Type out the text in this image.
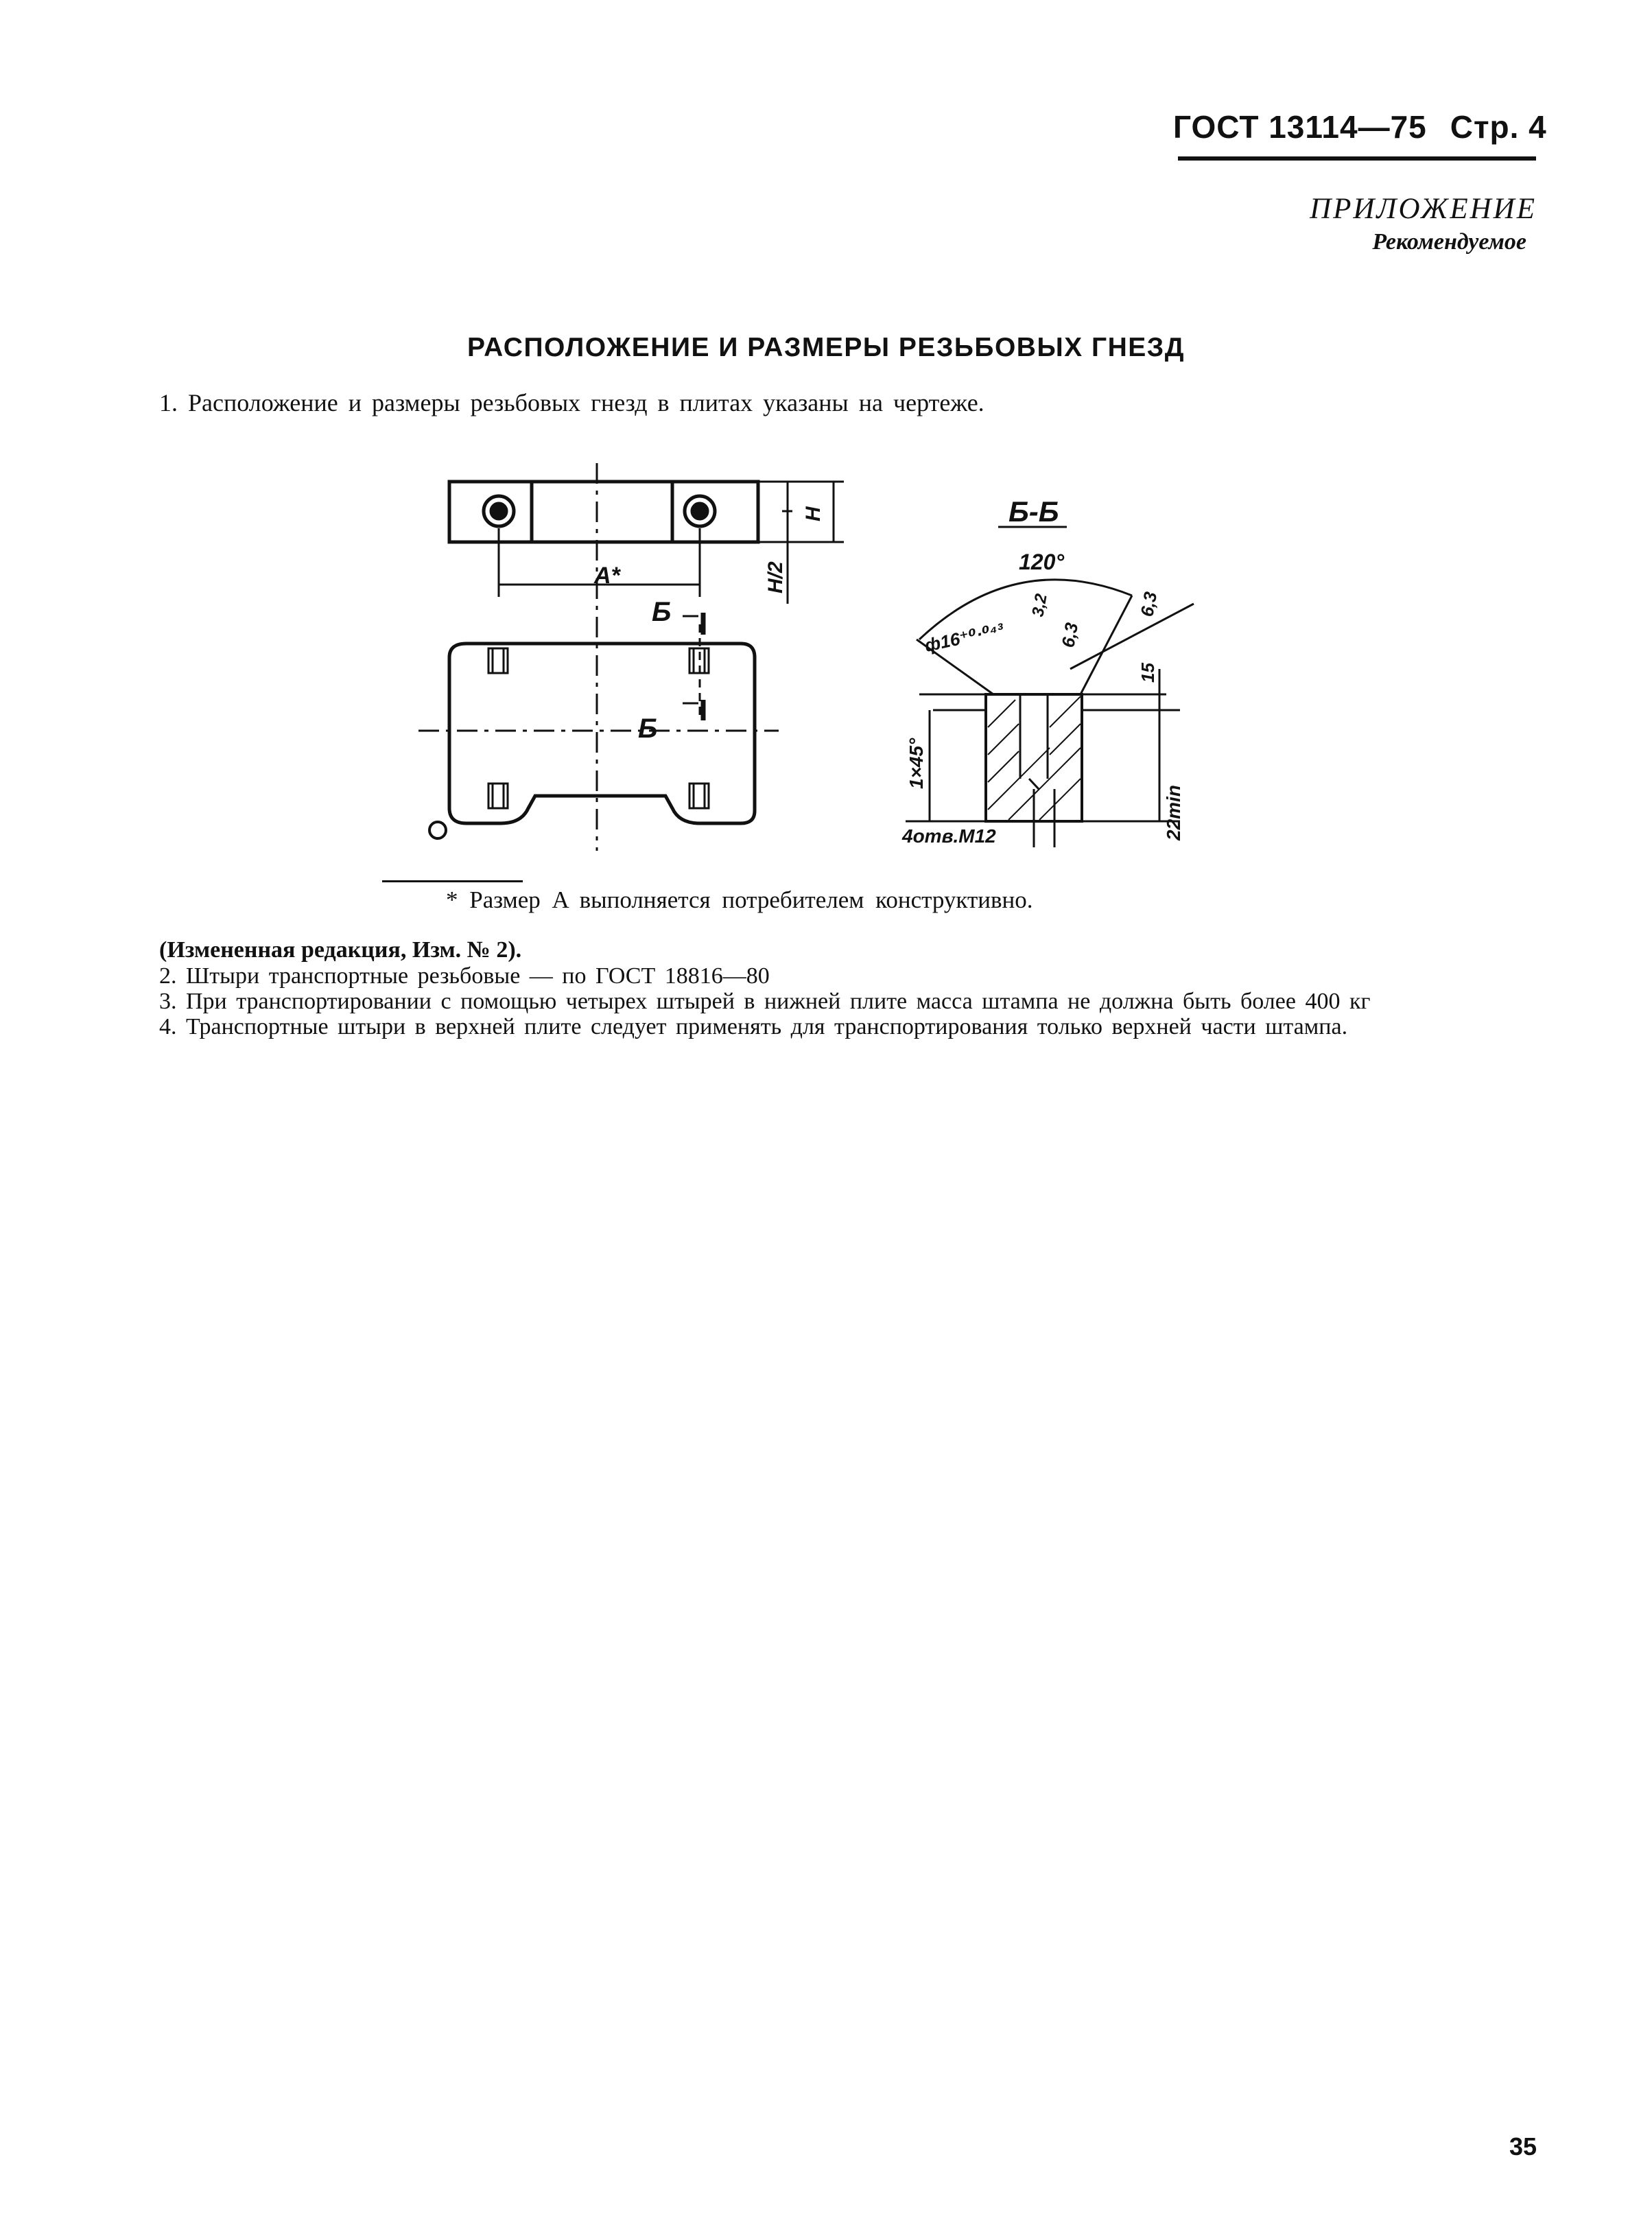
ГОСТ 13114—75 Стр. 4
ПРИЛОЖЕНИЕ
Рекомендуемое
РАСПОЛОЖЕНИЕ И РАЗМЕРЫ РЕЗЬБОВЫХ ГНЕЗД
1. Расположение и размеры резьбовых гнезд в плитах указаны на чертеже.
A*
H
H/2
Б
Б
Б-Б
120°
ф16⁺⁰·⁰⁴³
3,2
6,3
6,3
15
1×45°
4отв.М12	22min
* Размер A выполняется потребителем конструктивно.
(Измененная редакция, Изм. № 2).
2. Штыри транспортные резьбовые — по ГОСТ 18816—80
3. При транспортировании с помощью четырех штырей в нижней плите масса штампа не должна быть более 400 кг
4. Транспортные штыри в верхней плите следует применять для транспортирования только верхней части штампа.
35
